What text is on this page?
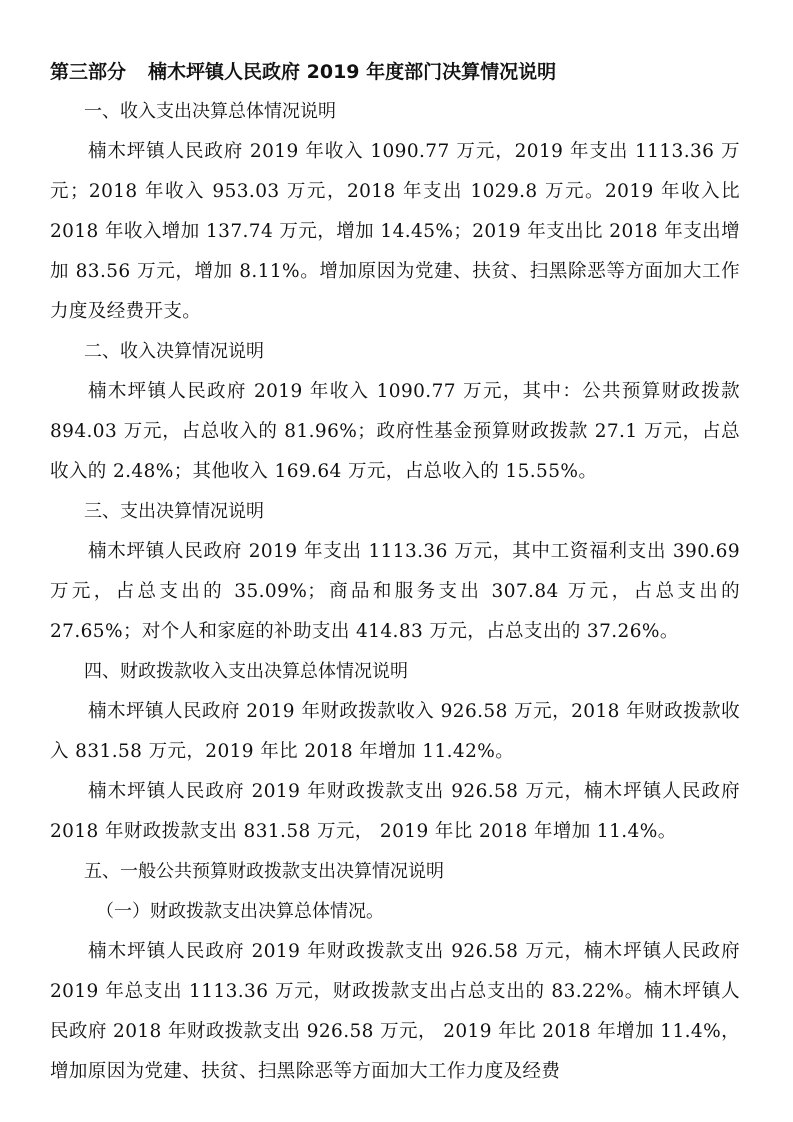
第三部分 楠木坪镇人民政府 2019 年度部门决算情况说明
一、收入支出决算总体情况说明
楠木坪镇人民政府 2019 年收入 1090.77 万元，2019 年支出 1113.36 万元；2018 年收入 953.03 万元，2018 年支出 1029.8 万元。2019 年收入比 2018 年收入增加 137.74 万元，增加 14.45%；2019 年支出比 2018 年支出增加 83.56 万元，增加 8.11%。增加原因为党建、扶贫、扫黑除恶等方面加大工作力度及经费开支。
二、收入决算情况说明
楠木坪镇人民政府 2019 年收入 1090.77 万元，其中：公共预算财政拨款 894.03 万元，占总收入的 81.96%；政府性基金预算财政拨款 27.1 万元，占总收入的 2.48%；其他收入 169.64 万元，占总收入的 15.55%。
三、支出决算情况说明
楠木坪镇人民政府 2019 年支出 1113.36 万元，其中工资福利支出 390.69 万元，占总支出的 35.09%；商品和服务支出 307.84 万元，占总支出的 27.65%；对个人和家庭的补助支出 414.83 万元，占总支出的 37.26%。
四、财政拨款收入支出决算总体情况说明
楠木坪镇人民政府 2019 年财政拨款收入 926.58 万元，2018 年财政拨款收入 831.58 万元，2019 年比 2018 年增加 11.42%。
楠木坪镇人民政府 2019 年财政拨款支出 926.58 万元，楠木坪镇人民政府 2018 年财政拨款支出 831.58 万元， 2019 年比 2018 年增加 11.4%。
五、一般公共预算财政拨款支出决算情况说明
（一）财政拨款支出决算总体情况。
楠木坪镇人民政府 2019 年财政拨款支出 926.58 万元，楠木坪镇人民政府 2019 年总支出 1113.36 万元，财政拨款支出占总支出的 83.22%。楠木坪镇人民政府 2018 年财政拨款支出 926.58 万元， 2019 年比 2018 年增加 11.4%，增加原因为党建、扶贫、扫黑除恶等方面加大工作力度及经费
